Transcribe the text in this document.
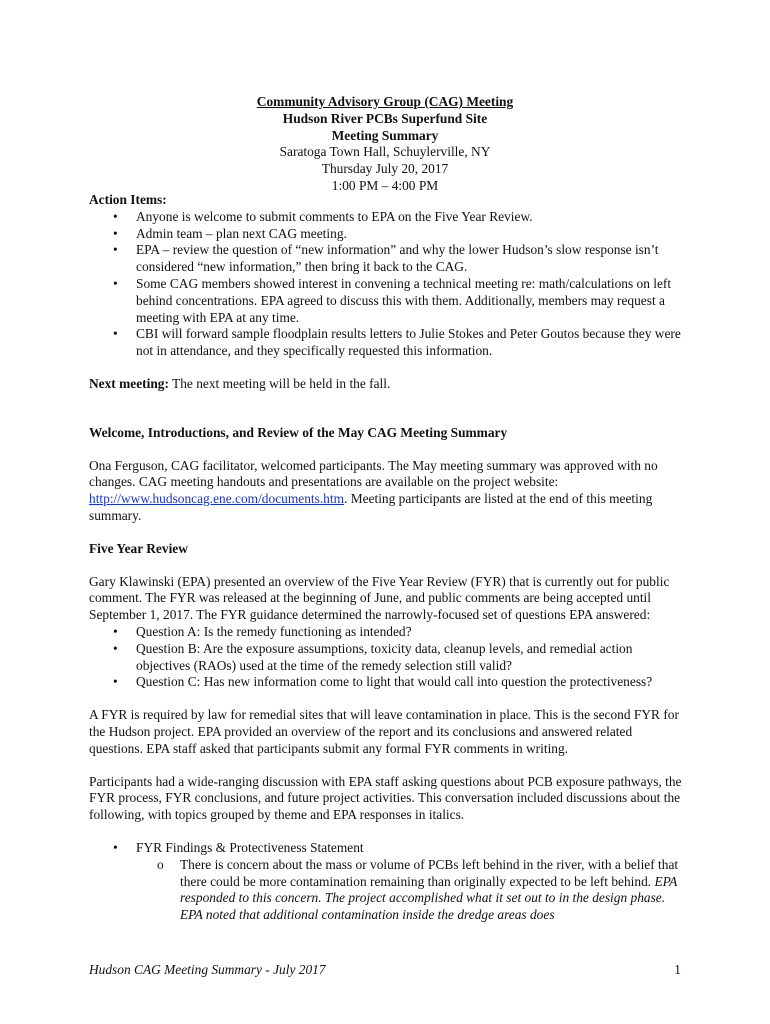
Community Advisory Group (CAG) Meeting
Hudson River PCBs Superfund Site
Meeting Summary
Saratoga Town Hall, Schuylerville, NY
Thursday July 20, 2017
1:00 PM – 4:00 PM
Action Items:
• Anyone is welcome to submit comments to EPA on the Five Year Review.
• Admin team – plan next CAG meeting.
• EPA – review the question of “new information” and why the lower Hudson’s slow response isn’t considered “new information,” then bring it back to the CAG.
• Some CAG members showed interest in convening a technical meeting re: math/calculations on left behind concentrations. EPA agreed to discuss this with them. Additionally, members may request a meeting with EPA at any time.
• CBI will forward sample floodplain results letters to Julie Stokes and Peter Goutos because they were not in attendance, and they specifically requested this information.
Next meeting: The next meeting will be held in the fall.
Welcome, Introductions, and Review of the May CAG Meeting Summary
Ona Ferguson, CAG facilitator, welcomed participants. The May meeting summary was approved with no changes. CAG meeting handouts and presentations are available on the project website: http://www.hudsoncag.ene.com/documents.htm. Meeting participants are listed at the end of this meeting summary.
Five Year Review
Gary Klawinski (EPA) presented an overview of the Five Year Review (FYR) that is currently out for public comment. The FYR was released at the beginning of June, and public comments are being accepted until September 1, 2017. The FYR guidance determined the narrowly-focused set of questions EPA answered:
• Question A: Is the remedy functioning as intended?
• Question B: Are the exposure assumptions, toxicity data, cleanup levels, and remedial action objectives (RAOs) used at the time of the remedy selection still valid?
• Question C: Has new information come to light that would call into question the protectiveness?
A FYR is required by law for remedial sites that will leave contamination in place. This is the second FYR for the Hudson project. EPA provided an overview of the report and its conclusions and answered related questions. EPA staff asked that participants submit any formal FYR comments in writing.
Participants had a wide-ranging discussion with EPA staff asking questions about PCB exposure pathways, the FYR process, FYR conclusions, and future project activities. This conversation included discussions about the following, with topics grouped by theme and EPA responses in italics.
• FYR Findings & Protectiveness Statement
o There is concern about the mass or volume of PCBs left behind in the river, with a belief that there could be more contamination remaining than originally expected to be left behind. EPA responded to this concern. The project accomplished what it set out to in the design phase. EPA noted that additional contamination inside the dredge areas does
Hudson CAG Meeting Summary - July 2017	1
